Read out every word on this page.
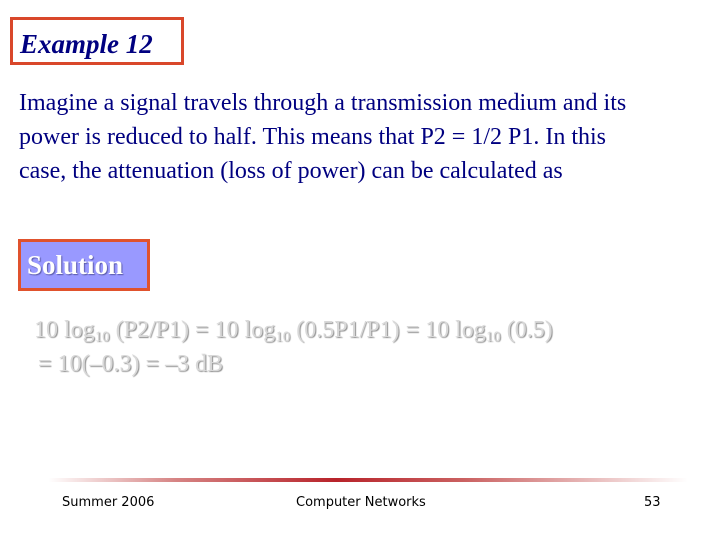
Example 12
Imagine a signal travels through a transmission medium and its power is reduced to half. This means that P2 = 1/2 P1. In this case, the attenuation (loss of power) can be calculated as
Solution
10 $\log_{10} (P2/P1) = 10$ $\log_{10} (0.5P1/P1) = 10$ $\log_{10} (0.5)$
= 10(–0.3) = –3 dB
Summer 2006	Computer Networks	53
